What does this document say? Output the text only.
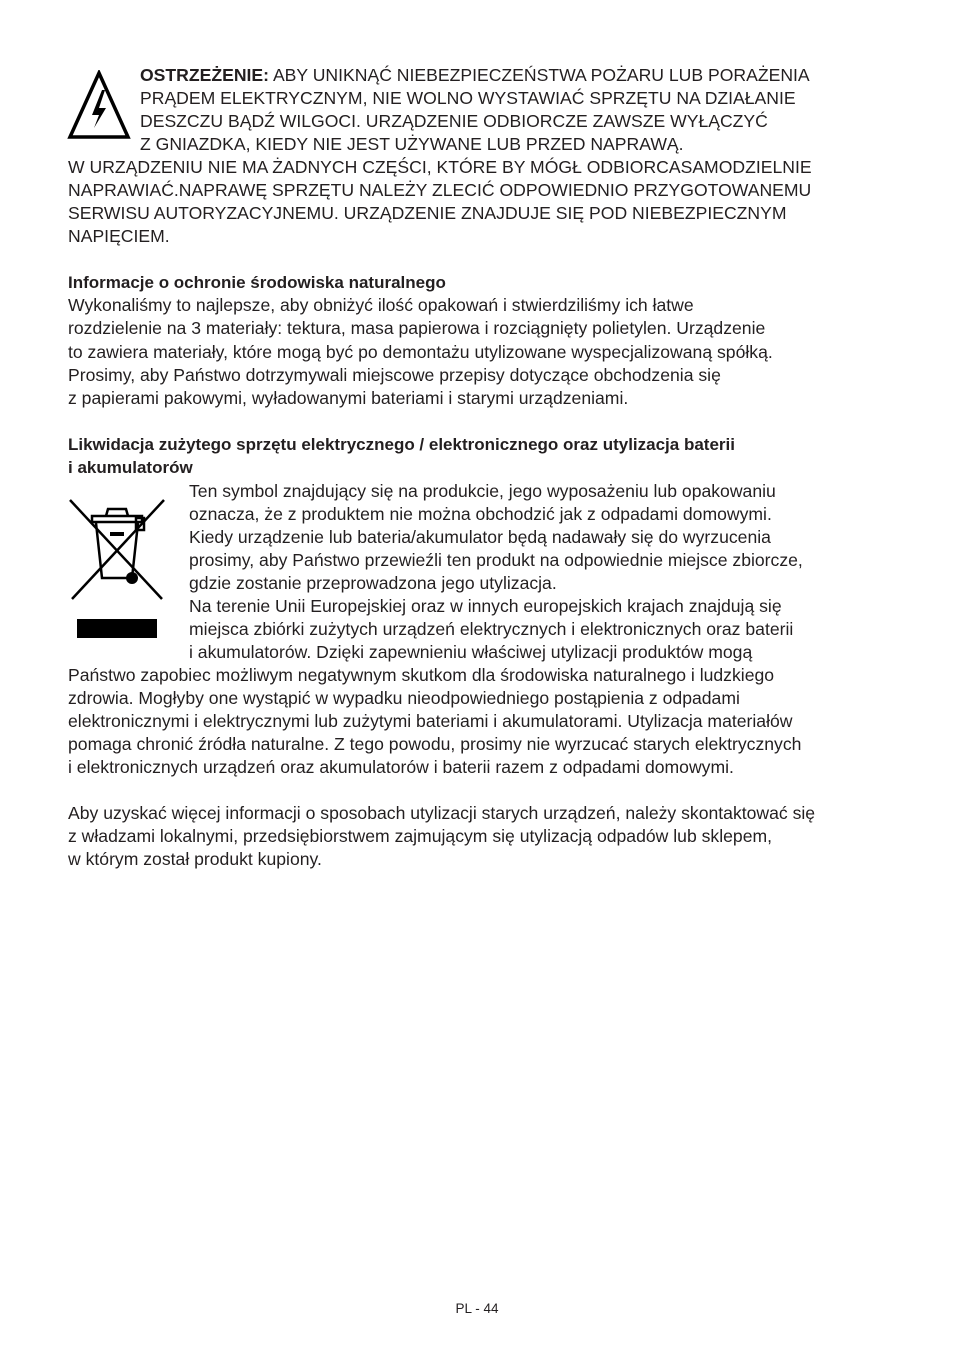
OSTRZEŻENIE: ABY UNIKNĄĆ NIEBEZPIECZEŃSTWA POŻARU LUB PORAŻENIA

PRĄDEM ELEKTRYCZNYM, NIE WOLNO WYSTAWIAĆ SPRZĘTU NA DZIAŁANIE

DESZCZU BĄDŹ WILGOCI. URZĄDZENIE ODBIORCZE ZAWSZE WYŁĄCZYĆ

Z GNIAZDKA, KIEDY NIE JEST UŻYWANE LUB PRZED NAPRAWĄ.

W URZĄDZENIU NIE MA ŻADNYCH CZĘŚCI, KTÓRE BY MÓGŁ ODBIORCASAMODZIELNIE

NAPRAWIAĆ.NAPRAWĘ SPRZĘTU NALEŻY ZLECIĆ ODPOWIEDNIO PRZYGOTOWANEMU

SERWISU AUTORYZACYJNEMU. URZĄDZENIE ZNAJDUJE SIĘ POD NIEBEZPIECZNYM

NAPIĘCIEM.

Informacje o ochronie środowiska naturalnego

Wykonaliśmy to najlepsze, aby obniżyć ilość opakowań i stwierdziliśmy ich łatwe

rozdzielenie na 3 materiały: tektura, masa papierowa i rozciągnięty polietylen. Urządzenie

to zawiera materiały, które mogą być po demontażu utylizowane wyspecjalizowaną spółką.

Prosimy, aby Państwo dotrzymywali miejscowe przepisy dotyczące obchodzenia się

z papierami pakowymi, wyładowanymi bateriami i starymi urządzeniami.

Likwidacja zużytego sprzętu elektrycznego / elektronicznego oraz utylizacja baterii

i akumulatorów

Ten symbol znajdujący się na produkcie, jego wyposażeniu lub opakowaniu

oznacza, że z produktem nie można obchodzić jak z odpadami domowymi.

Kiedy urządzenie lub bateria/akumulator będą nadawały się do wyrzucenia

prosimy, aby Państwo przewieźli ten produkt na odpowiednie miejsce zbiorcze,

gdzie zostanie przeprowadzona jego utylizacja.

Na terenie Unii Europejskiej oraz w innych europejskich krajach znajdują się

miejsca zbiórki zużytych urządzeń elektrycznych i elektronicznych oraz baterii

i akumulatorów. Dzięki zapewnieniu właściwej utylizacji produktów mogą

Państwo zapobiec możliwym negatywnym skutkom dla środowiska naturalnego i ludzkiego

zdrowia. Mogłyby one wystąpić w wypadku nieodpowiedniego postąpienia z odpadami

elektronicznymi i elektrycznymi lub zużytymi bateriami i akumulatorami. Utylizacja materiałów

pomaga chronić źródła naturalne. Z tego powodu, prosimy nie wyrzucać starych elektrycznych

i elektronicznych urządzeń oraz akumulatorów i baterii razem z odpadami domowymi.

Aby uzyskać więcej informacji o sposobach utylizacji starych urządzeń, należy skontaktować się

z władzami lokalnymi, przedsiębiorstwem zajmującym się utylizacją odpadów lub sklepem,

w którym został produkt kupiony.

PL - 44
